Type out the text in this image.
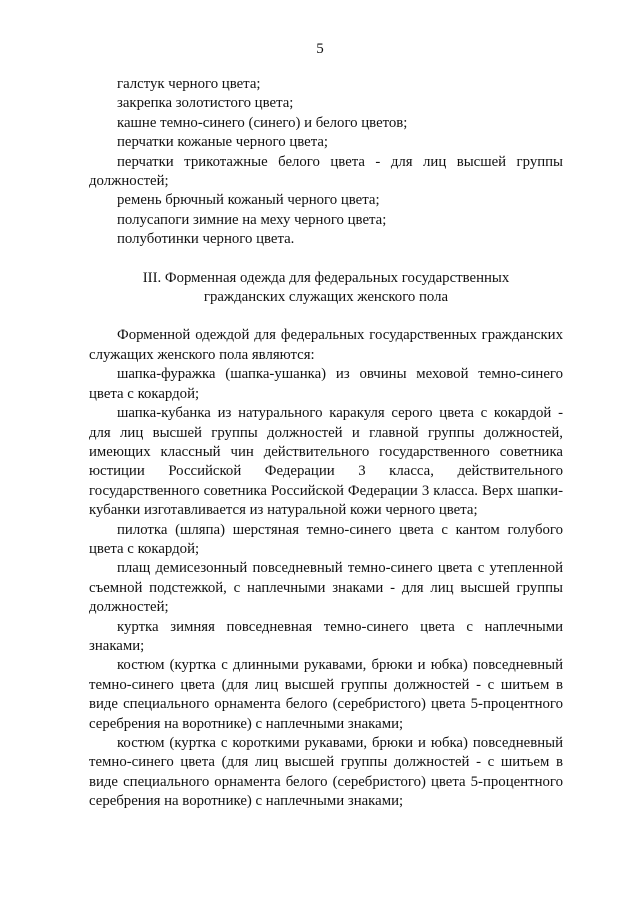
5

галстук черного цвета;

закрепка золотистого цвета;

кашне темно-синего (синего) и белого цветов;

перчатки кожаные черного цвета;

перчатки трикотажные белого цвета - для лиц высшей группы должностей;

ремень брючный кожаный черного цвета;

полусапоги зимние на меху черного цвета;

полуботинки черного цвета.

III. Форменная одежда для федеральных государственных
гражданских служащих женского пола

Форменной одеждой для федеральных государственных гражданских служащих женского пола являются:

шапка-фуражка (шапка-ушанка) из овчины меховой темно-синего цвета с кокардой;

шапка-кубанка из натурального каракуля серого цвета с кокардой - для лиц высшей группы должностей и главной группы должностей, имеющих классный чин действительного государственного советника юстиции Российской Федерации 3 класса, действительного государственного советника Российской Федерации 3 класса. Верх шапки-кубанки изготавливается из натуральной кожи черного цвета;

пилотка (шляпа) шерстяная темно-синего цвета с кантом голубого цвета с кокардой;

плащ демисезонный повседневный темно-синего цвета с утепленной съемной подстежкой, с наплечными знаками - для лиц высшей группы должностей;

куртка зимняя повседневная темно-синего цвета с наплечными знаками;

костюм (куртка с длинными рукавами, брюки и юбка) повседневный темно-синего цвета (для лиц высшей группы должностей - с шитьем в виде специального орнамента белого (серебристого) цвета 5-процентного серебрения на воротнике) с наплечными знаками;

костюм (куртка с короткими рукавами, брюки и юбка) повседневный темно-синего цвета (для лиц высшей группы должностей - с шитьем в виде специального орнамента белого (серебристого) цвета 5-процентного серебрения на воротнике) с наплечными знаками;
